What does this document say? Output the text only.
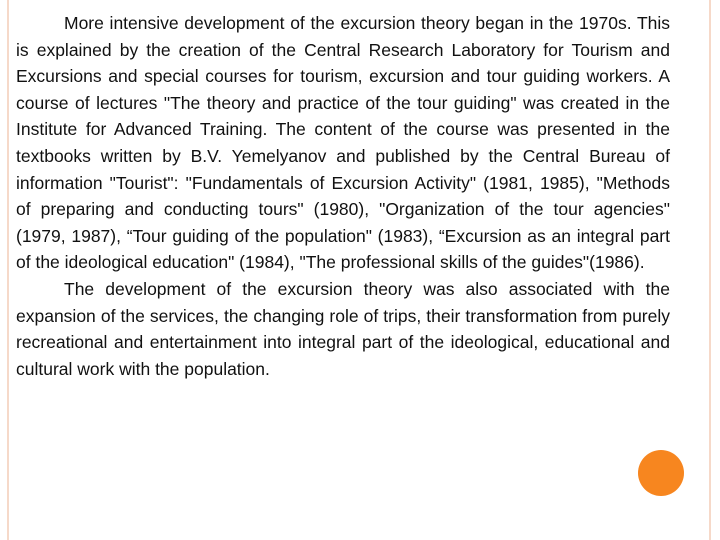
More intensive development of the excursion theory began in the 1970s. This is explained by the creation of the Central Research Laboratory for Tourism and Excursions and special courses for tourism, excursion and tour guiding workers. A course of lectures "The theory and practice of the tour guiding" was created in the Institute for Advanced Training. The content of the course was presented in the textbooks written by B.V. Yemelyanov and published by the Central Bureau of information "Tourist": "Fundamentals of Excursion Activity" (1981, 1985), "Methods of preparing and conducting tours" (1980), "Organization of the tour agencies" (1979, 1987), “Tour guiding of the population" (1983), “Excursion as an integral part of the ideological education" (1984), "The professional skills of the guides"(1986).

The development of the excursion theory was also associated with the expansion of the services, the changing role of trips, their transformation from purely recreational and entertainment into integral part of the ideological, educational and cultural work with the population.
